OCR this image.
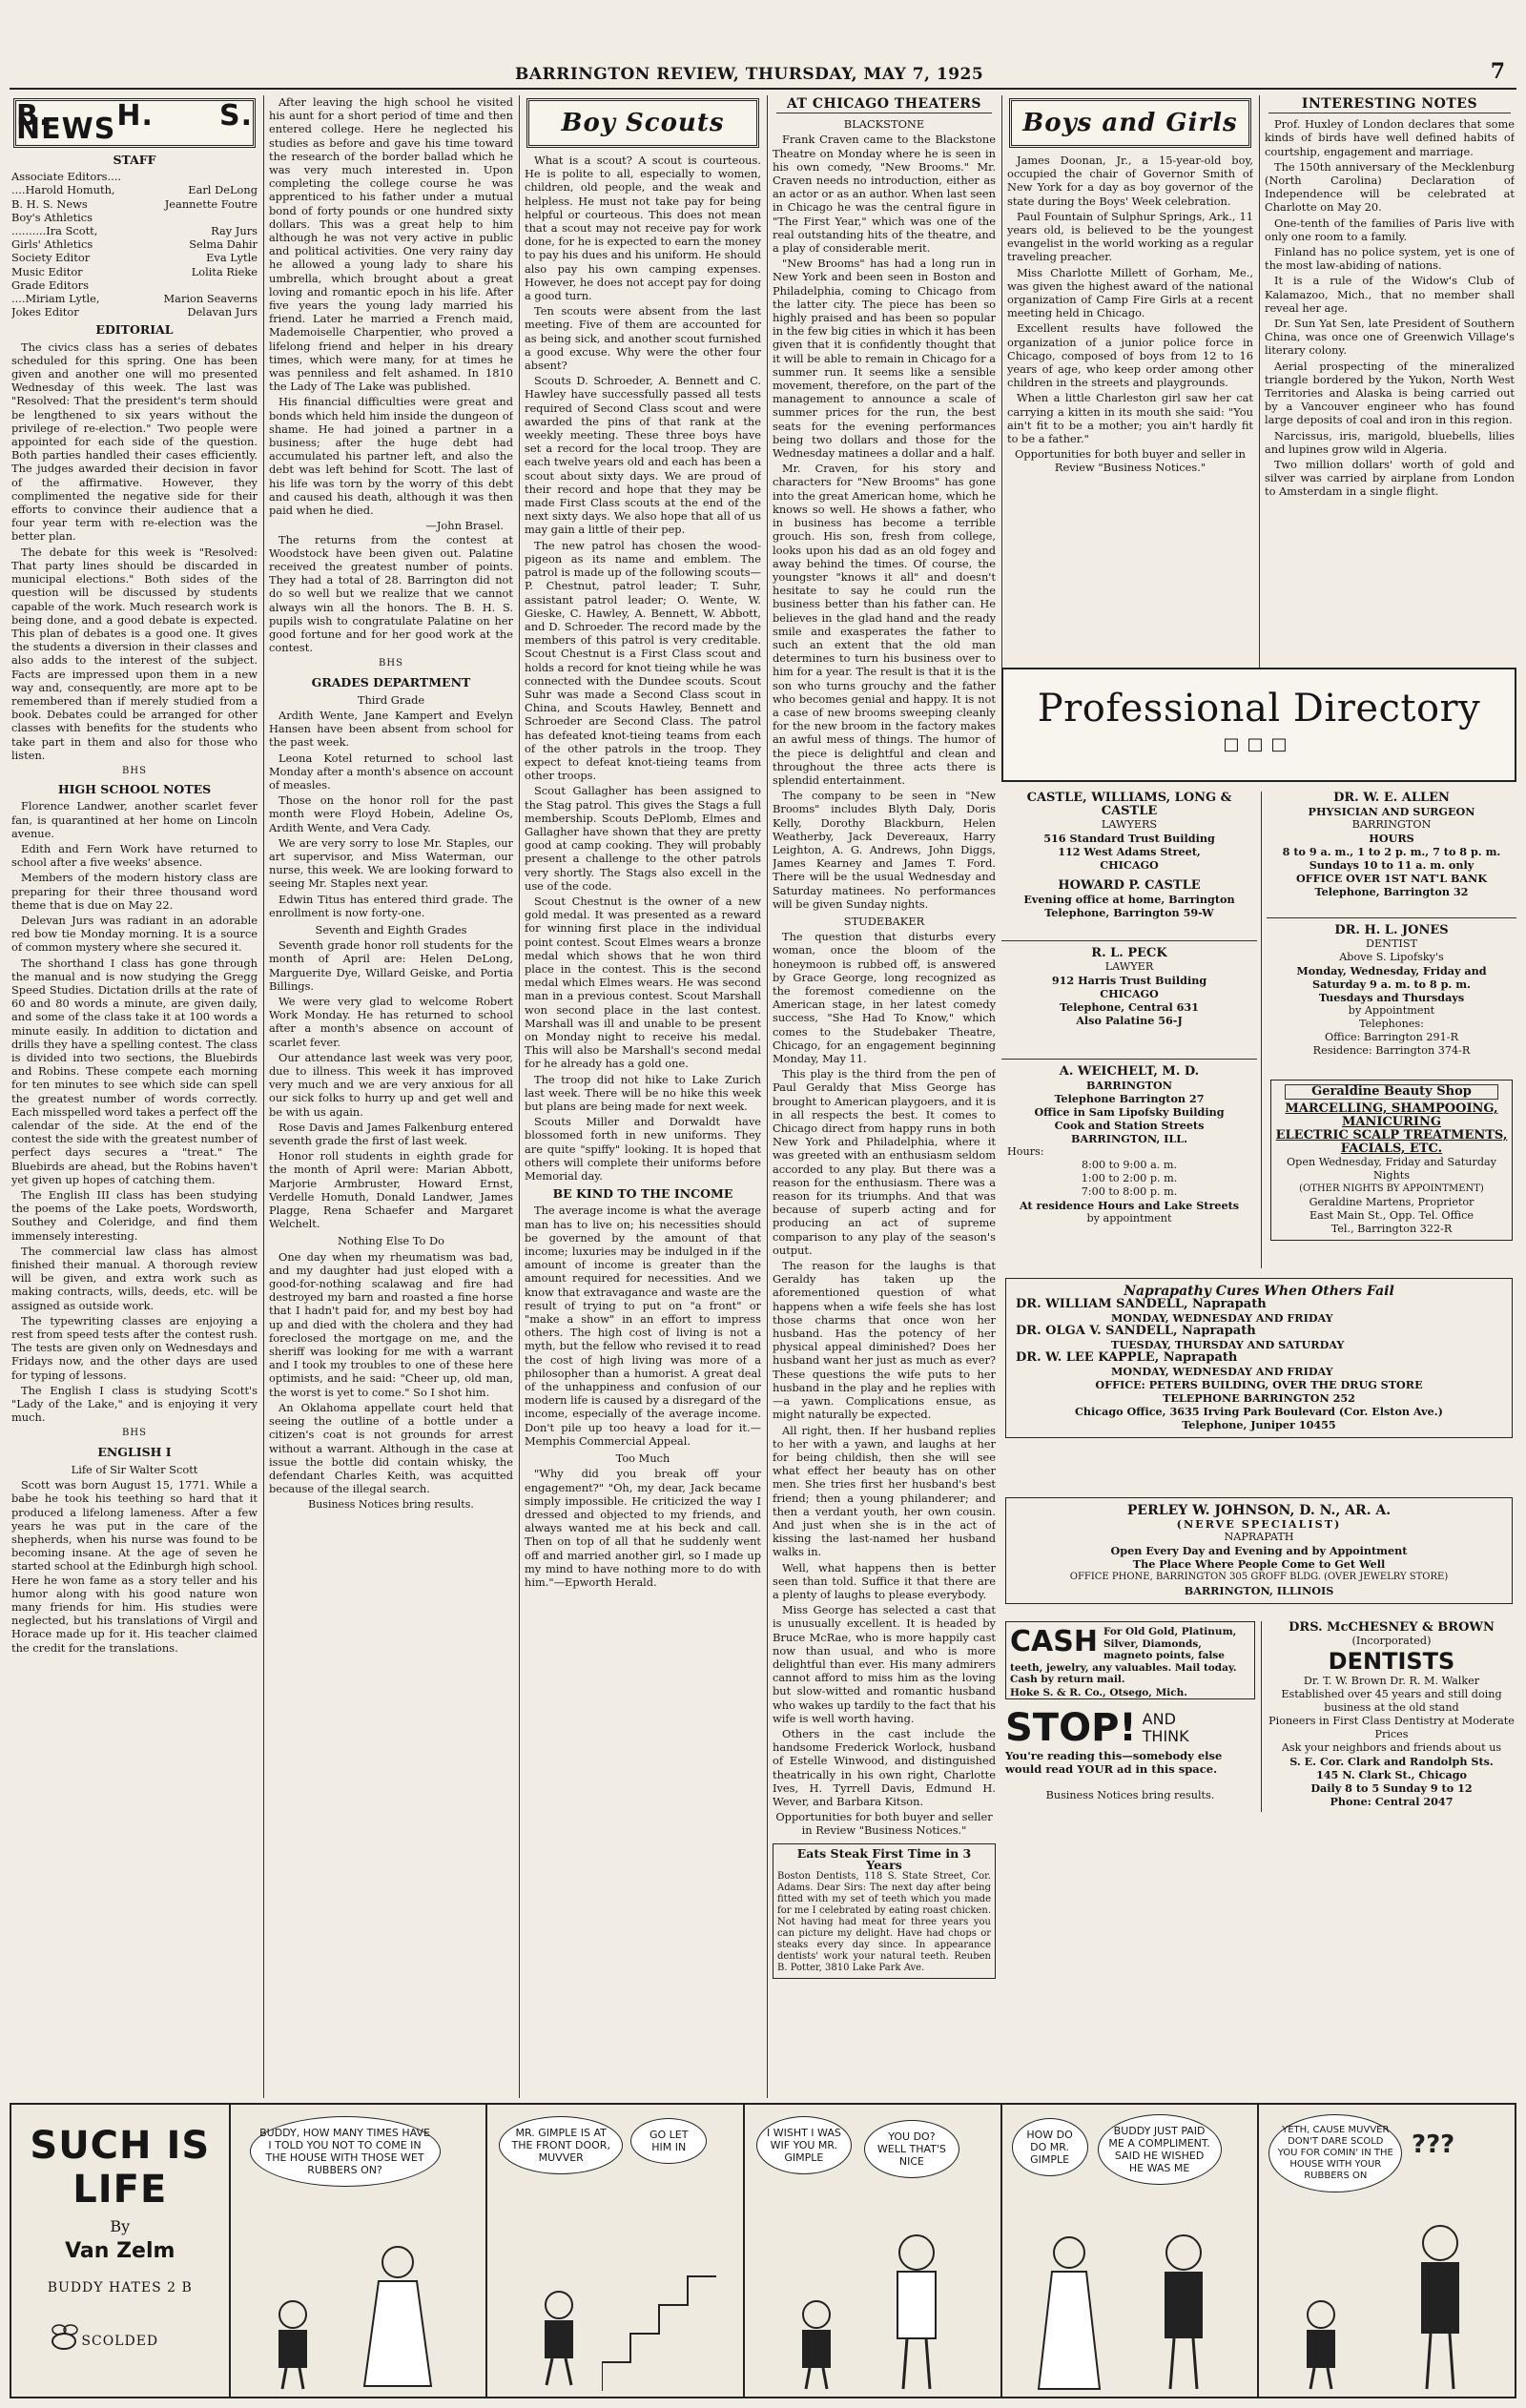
BARRINGTON REVIEW, THURSDAY, MAY 7, 1925	7
B. H. S. NEWS
STAFF
Associate Editors....
....Harold Homuth,	Earl DeLong
B. H. S. News	Jeannette Foutre
Boy's Athletics
..........Ira Scott,	Ray Jurs
Girls' Athletics	Selma Dahir
Society Editor	Eva Lytle
Music Editor	Lolita Rieke
Grade Editors
....Miriam Lytle,	Marion Seaverns
Jokes Editor	Delavan Jurs
EDITORIAL

The civics class has a series of debates scheduled for this spring. One has been given and another one will mo presented Wednesday of this week. The last was "Resolved: That the president's term should be lengthened to six years without the privilege of re-election." Two people were appointed for each side of the question. Both parties handled their cases efficiently. The judges awarded their decision in favor of the affirmative. However, they complimented the negative side for their efforts to convince their audience that a four year term with re-election was the better plan.

The debate for this week is "Resolved: That party lines should be discarded in municipal elections." Both sides of the question will be discussed by students capable of the work. Much research work is being done, and a good debate is expected. This plan of debates is a good one. It gives the students a diversion in their classes and also adds to the interest of the subject. Facts are impressed upon them in a new way and, consequently, are more apt to be remembered than if merely studied from a book. Debates could be arranged for other classes with benefits for the students who take part in them and also for those who listen.

BHS
HIGH SCHOOL NOTES

Florence Landwer, another scarlet fever fan, is quarantined at her home on Lincoln avenue.

Edith and Fern Work have returned to school after a five weeks' absence.

Members of the modern history class are preparing for their three thousand word theme that is due on May 22.

Delevan Jurs was radiant in an adorable red bow tie Monday morning. It is a source of common mystery where she secured it.

The shorthand I class has gone through the manual and is now studying the Gregg Speed Studies. Dictation drills at the rate of 60 and 80 words a minute, are given daily, and some of the class take it at 100 words a minute easily. In addition to dictation and drills they have a spelling contest. The class is divided into two sections, the Bluebirds and Robins. These compete each morning for ten minutes to see which side can spell the greatest number of words correctly. Each misspelled word takes a perfect off the calendar of the side. At the end of the contest the side with the greatest number of perfect days secures a "treat." The Bluebirds are ahead, but the Robins haven't yet given up hopes of catching them.

The English III class has been studying the poems of the Lake poets, Wordsworth, Southey and Coleridge, and find them immensely interesting.

The commercial law class has almost finished their manual. A thorough review will be given, and extra work such as making contracts, wills, deeds, etc. will be assigned as outside work.

The typewriting classes are enjoying a rest from speed tests after the contest rush. The tests are given only on Wednesdays and Fridays now, and the other days are used for typing of lessons.

The English I class is studying Scott's "Lady of the Lake," and is enjoying it very much.

BHS
ENGLISH I
Life of Sir Walter Scott

Scott was born August 15, 1771. While a babe he took his teething so hard that it produced a lifelong lameness. After a few years he was put in the care of the shepherds, when his nurse was found to be becoming insane. At the age of seven he started school at the Edinburgh high school. Here he won fame as a story teller and his humor along with his good nature won many friends for him. His studies were neglected, but his translations of Virgil and Horace made up for it. His teacher claimed the credit for the translations.

After leaving the high school he visited his aunt for a short period of time and then entered college. Here he neglected his studies as before and gave his time toward the research of the border ballad which he was very much interested in. Upon completing the college course he was apprenticed to his father under a mutual bond of forty pounds or one hundred sixty dollars. This was a great help to him although he was not very active in public and political activities. One very rainy day he allowed a young lady to share his umbrella, which brought about a great loving and romantic epoch in his life. After five years the young lady married his friend. Later he married a French maid, Mademoiselle Charpentier, who proved a lifelong friend and helper in his dreary times, which were many, for at times he was penniless and felt ashamed. In 1810 the Lady of The Lake was published.

His financial difficulties were great and bonds which held him inside the dungeon of shame. He had joined a partner in a business; after the huge debt had accumulated his partner left, and also the debt was left behind for Scott. The last of his life was torn by the worry of this debt and caused his death, although it was then paid when he died.

—John Brasel.

The returns from the contest at Woodstock have been given out. Palatine received the greatest number of points. They had a total of 28. Barrington did not do so well but we realize that we cannot always win all the honors. The B. H. S. pupils wish to congratulate Palatine on her good fortune and for her good work at the contest.

BHS
GRADES DEPARTMENT
Third Grade

Ardith Wente, Jane Kampert and Evelyn Hansen have been absent from school for the past week.

Leona Kotel returned to school last Monday after a month's absence on account of measles.

Those on the honor roll for the past month were Floyd Hobein, Adeline Os, Ardith Wente, and Vera Cady.

We are very sorry to lose Mr. Staples, our art supervisor, and Miss Waterman, our nurse, this week. We are looking forward to seeing Mr. Staples next year.

Edwin Titus has entered third grade. The enrollment is now forty-one.

Seventh and Eighth Grades

Seventh grade honor roll students for the month of April are: Helen DeLong, Marguerite Dye, Willard Geiske, and Portia Billings.

We were very glad to welcome Robert Work Monday. He has returned to school after a month's absence on account of scarlet fever.

Our attendance last week was very poor, due to illness. This week it has improved very much and we are very anxious for all our sick folks to hurry up and get well and be with us again.

Rose Davis and James Falkenburg entered seventh grade the first of last week.

Honor roll students in eighth grade for the month of April were: Marian Abbott, Marjorie Armbruster, Howard Ernst, Verdelle Homuth, Donald Landwer, James Plagge, Rena Schaefer and Margaret Welchelt.

Nothing Else To Do

One day when my rheumatism was bad, and my daughter had just eloped with a good-for-nothing scalawag and fire had destroyed my barn and roasted a fine horse that I hadn't paid for, and my best boy had up and died with the cholera and they had foreclosed the mortgage on me, and the sheriff was looking for me with a warrant and I took my troubles to one of these here optimists, and he said: "Cheer up, old man, the worst is yet to come." So I shot him.

An Oklahoma appellate court held that seeing the outline of a bottle under a citizen's coat is not grounds for arrest without a warrant. Although in the case at issue the bottle did contain whisky, the defendant Charles Keith, was acquitted because of the illegal search.

Business Notices bring results.
Boy Scouts

What is a scout? A scout is courteous. He is polite to all, especially to women, children, old people, and the weak and helpless. He must not take pay for being helpful or courteous. This does not mean that a scout may not receive pay for work done, for he is expected to earn the money to pay his dues and his uniform. He should also pay his own camping expenses. However, he does not accept pay for doing a good turn.

Ten scouts were absent from the last meeting. Five of them are accounted for as being sick, and another scout furnished a good excuse. Why were the other four absent?

Scouts D. Schroeder, A. Bennett and C. Hawley have successfully passed all tests required of Second Class scout and were awarded the pins of that rank at the weekly meeting. These three boys have set a record for the local troop. They are each twelve years old and each has been a scout about sixty days. We are proud of their record and hope that they may be made First Class scouts at the end of the next sixty days. We also hope that all of us may gain a little of their pep.

The new patrol has chosen the wood-pigeon as its name and emblem. The patrol is made up of the following scouts—P. Chestnut, patrol leader; T. Suhr, assistant patrol leader; O. Wente, W. Gieske, C. Hawley, A. Bennett, W. Abbott, and D. Schroeder. The record made by the members of this patrol is very creditable. Scout Chestnut is a First Class scout and holds a record for knot tieing while he was connected with the Dundee scouts. Scout Suhr was made a Second Class scout in China, and Scouts Hawley, Bennett and Schroeder are Second Class. The patrol has defeated knot-tieing teams from each of the other patrols in the troop. They expect to defeat knot-tieing teams from other troops.

Scout Gallagher has been assigned to the Stag patrol. This gives the Stags a full membership. Scouts DePlomb, Elmes and Gallagher have shown that they are pretty good at camp cooking. They will probably present a challenge to the other patrols very shortly. The Stags also excell in the use of the code.

Scout Chestnut is the owner of a new gold medal. It was presented as a reward for winning first place in the individual point contest. Scout Elmes wears a bronze medal which shows that he won third place in the contest. This is the second medal which Elmes wears. He was second man in a previous contest. Scout Marshall won second place in the last contest. Marshall was ill and unable to be present on Monday night to receive his medal. This will also be Marshall's second medal for he already has a gold one.

The troop did not hike to Lake Zurich last week. There will be no hike this week but plans are being made for next week.

Scouts Miller and Dorwaldt have blossomed forth in new uniforms. They are quite "spiffy" looking. It is hoped that others will complete their uniforms before Memorial day.

BE KIND TO THE INCOME

The average income is what the average man has to live on; his necessities should be governed by the amount of that income; luxuries may be indulged in if the amount of income is greater than the amount required for necessities. And we know that extravagance and waste are the result of trying to put on "a front" or "make a show" in an effort to impress others. The high cost of living is not a myth, but the fellow who revised it to read the cost of high living was more of a philosopher than a humorist. A great deal of the unhappiness and confusion of our modern life is caused by a disregard of the income, especially of the average income. Don't pile up too heavy a load for it.—Memphis Commercial Appeal.

Too Much

"Why did you break off your engagement?" "Oh, my dear, Jack became simply impossible. He criticized the way I dressed and objected to my friends, and always wanted me at his beck and call. Then on top of all that he suddenly went off and married another girl, so I made up my mind to have nothing more to do with him."—Epworth Herald.

AT CHICAGO THEATERS
BLACKSTONE

Frank Craven came to the Blackstone Theatre on Monday where he is seen in his own comedy, "New Brooms." Mr. Craven needs no introduction, either as an actor or as an author. When last seen in Chicago he was the central figure in "The First Year," which was one of the real outstanding hits of the theatre, and a play of considerable merit.

"New Brooms" has had a long run in New York and been seen in Boston and Philadelphia, coming to Chicago from the latter city. The piece has been so highly praised and has been so popular in the few big cities in which it has been given that it is confidently thought that it will be able to remain in Chicago for a summer run. It seems like a sensible movement, therefore, on the part of the management to announce a scale of summer prices for the run, the best seats for the evening performances being two dollars and those for the Wednesday matinees a dollar and a half.

Mr. Craven, for his story and characters for "New Brooms" has gone into the great American home, which he knows so well. He shows a father, who in business has become a terrible grouch. His son, fresh from college, looks upon his dad as an old fogey and away behind the times. Of course, the youngster "knows it all" and doesn't hesitate to say he could run the business better than his father can. He believes in the glad hand and the ready smile and exasperates the father to such an extent that the old man determines to turn his business over to him for a year. The result is that it is the son who turns grouchy and the father who becomes genial and happy. It is not a case of new brooms sweeping cleanly for the new broom in the factory makes an awful mess of things. The humor of the piece is delightful and clean and throughout the three acts there is splendid entertainment.

The company to be seen in "New Brooms" includes Blyth Daly, Doris Kelly, Dorothy Blackburn, Helen Weatherby, Jack Devereaux, Harry Leighton, A. G. Andrews, John Diggs, James Kearney and James T. Ford. There will be the usual Wednesday and Saturday matinees. No performances will be given Sunday nights.

STUDEBAKER

The question that disturbs every woman, once the bloom of the honeymoon is rubbed off, is answered by Grace George, long recognized as the foremost comedienne on the American stage, in her latest comedy success, "She Had To Know," which comes to the Studebaker Theatre, Chicago, for an engagement beginning Monday, May 11.

This play is the third from the pen of Paul Geraldy that Miss George has brought to American playgoers, and it is in all respects the best. It comes to Chicago direct from happy runs in both New York and Philadelphia, where it was greeted with an enthusiasm seldom accorded to any play. But there was a reason for the enthusiasm. There was a reason for its triumphs. And that was because of superb acting and for producing an act of supreme comparison to any play of the season's output.

The reason for the laughs is that Geraldy has taken up the aforementioned question of what happens when a wife feels she has lost those charms that once won her husband. Has the potency of her physical appeal diminished? Does her husband want her just as much as ever? These questions the wife puts to her husband in the play and he replies with —a yawn. Complications ensue, as might naturally be expected.

All right, then. If her husband replies to her with a yawn, and laughs at her for being childish, then she will see what effect her beauty has on other men. She tries first her husband's best friend; then a young philanderer; and then a verdant youth, her own cousin. And just when she is in the act of kissing the last-named her husband walks in.

Well, what happens then is better seen than told. Suffice it that there are a plenty of laughs to please everybody.

Miss George has selected a cast that is unusually excellent. It is headed by Bruce McRae, who is more happily cast now than usual, and who is more delightful than ever. His many admirers cannot afford to miss him as the loving but slow-witted and romantic husband who wakes up tardily to the fact that his wife is well worth having.

Others in the cast include the handsome Frederick Worlock, husband of Estelle Winwood, and distinguished theatrically in his own right, Charlotte Ives, H. Tyrrell Davis, Edmund H. Wever, and Barbara Kitson.

Opportunities for both buyer and seller in Review "Business Notices."

Eats Steak First Time in 3 Years
Boston Dentists, 118 S. State Street, Cor. Adams. Dear Sirs: The next day after being fitted with my set of teeth which you made for me I celebrated by eating roast chicken. Not having had meat for three years you can picture my delight. Have had chops or steaks every day since. In appearance dentists' work your natural teeth. Reuben B. Potter, 3810 Lake Park Ave.
Boys and Girls

James Doonan, Jr., a 15-year-old boy, occupied the chair of Governor Smith of New York for a day as boy governor of the state during the Boys' Week celebration.

Paul Fountain of Sulphur Springs, Ark., 11 years old, is believed to be the youngest evangelist in the world working as a regular traveling preacher.

Miss Charlotte Millett of Gorham, Me., was given the highest award of the national organization of Camp Fire Girls at a recent meeting held in Chicago.

Excellent results have followed the organization of a junior police force in Chicago, composed of boys from 12 to 16 years of age, who keep order among other children in the streets and playgrounds.

When a little Charleston girl saw her cat carrying a kitten in its mouth she said: "You ain't fit to be a mother; you ain't hardly fit to be a father."

Opportunities for both buyer and seller in Review "Business Notices."

INTERESTING NOTES

Prof. Huxley of London declares that some kinds of birds have well defined habits of courtship, engagement and marriage.

The 150th anniversary of the Mecklenburg (North Carolina) Declaration of Independence will be celebrated at Charlotte on May 20.

One-tenth of the families of Paris live with only one room to a family.

Finland has no police system, yet is one of the most law-abiding of nations.

It is a rule of the Widow's Club of Kalamazoo, Mich., that no member shall reveal her age.

Dr. Sun Yat Sen, late President of Southern China, was once one of Greenwich Village's literary colony.

Aerial prospecting of the mineralized triangle bordered by the Yukon, North West Territories and Alaska is being carried out by a Vancouver engineer who has found large deposits of coal and iron in this region.

Narcissus, iris, marigold, bluebells, lilies and lupines grow wild in Algeria.

Two million dollars' worth of gold and silver was carried by airplane from London to Amsterdam in a single flight.

Professional Directory
□□□
CASTLE, WILLIAMS, LONG & CASTLE
LAWYERS
516 Standard Trust Building
112 West Adams Street,
CHICAGO
HOWARD P. CASTLE
Evening office at home, Barrington
Telephone, Barrington 59-W
R. L. PECK
LAWYER
912 Harris Trust Building
CHICAGO
Telephone, Central 631
Also Palatine 56-J
A. WEICHELT, M. D.
BARRINGTON
Telephone Barrington 27
Office in Sam Lipofsky Building
Cook and Station Streets
BARRINGTON, ILL.
Hours:
8:00 to 9:00 a. m.
1:00 to 2:00 p. m.
7:00 to 8:00 p. m.
At residence Hours and Lake Streets
by appointment
DR. W. E. ALLEN
PHYSICIAN AND SURGEON
BARRINGTON
HOURS
8 to 9 a. m., 1 to 2 p. m., 7 to 8 p. m.
Sundays 10 to 11 a. m. only
OFFICE OVER 1ST NAT'L BANK
Telephone, Barrington 32
DR. H. L. JONES
DENTIST
Above S. Lipofsky's
Monday, Wednesday, Friday and
Saturday 9 a. m. to 8 p. m.
Tuesdays and Thursdays
by Appointment
Telephones:
Office: Barrington 291-R
Residence: Barrington 374-R
Geraldine Beauty Shop
MARCELLING, SHAMPOOING, MANICURING
ELECTRIC SCALP TREATMENTS, FACIALS, ETC.
Open Wednesday, Friday and Saturday Nights
(OTHER NIGHTS BY APPOINTMENT)
Geraldine Martens, Proprietor
East Main St., Opp. Tel. Office
Tel., Barrington 322-R
Naprapathy Cures When Others Fail
DR. WILLIAM SANDELL, Naprapath
MONDAY, WEDNESDAY AND FRIDAY
DR. OLGA V. SANDELL, Naprapath
TUESDAY, THURSDAY AND SATURDAY
DR. W. LEE KAPPLE, Naprapath
MONDAY, WEDNESDAY AND FRIDAY
OFFICE: PETERS BUILDING, OVER THE DRUG STORE
TELEPHONE BARRINGTON 252
Chicago Office, 3635 Irving Park Boulevard (Cor. Elston Ave.)
Telephone, Juniper 10455
PERLEY W. JOHNSON, D. N., AR. A.
(NERVE SPECIALIST)
NAPRAPATH
Open Every Day and Evening and by Appointment
The Place Where People Come to Get Well
OFFICE PHONE, BARRINGTON 305 GROFF BLDG. (OVER JEWELRY STORE)
BARRINGTON, ILLINOIS
CASH For Old Gold, Platinum, Silver, Diamonds, magneto points, false teeth, jewelry, any valuables. Mail today. Cash by return mail.
Hoke S. & R. Co., Otsego, Mich.
STOP! AND THINK
You're reading this—somebody else would read YOUR ad in this space.
Business Notices bring results.
DRS. McCHESNEY & BROWN
(Incorporated)
DENTISTS
Dr. T. W. Brown Dr. R. M. Walker
Established over 45 years and still doing business at the old stand
Pioneers in First Class Dentistry at Moderate Prices
Ask your neighbors and friends about us
S. E. Cor. Clark and Randolph Sts.
145 N. Clark St., Chicago
Daily 8 to 5 Sunday 9 to 12
Phone: Central 2047
SUCH IS LIFE
By
Van Zelm
BUDDY HATES 2 B
SCOLDED
BUDDY, HOW MANY TIMES HAVE I TOLD YOU NOT TO COME IN THE HOUSE WITH THOSE WET RUBBERS ON?
MR. GIMPLE IS AT THE FRONT DOOR, MUVVER
GO LET HIM IN
I WISHT I WAS WIF YOU MR. GIMPLE
YOU DO? WELL THAT'S NICE
HOW DO DO MR. GIMPLE
BUDDY JUST PAID ME A COMPLIMENT. SAID HE WISHED HE WAS ME
YETH, CAUSE MUVVER DON'T DARE SCOLD YOU FOR COMIN' IN THE HOUSE WITH YOUR RUBBERS ON
???
